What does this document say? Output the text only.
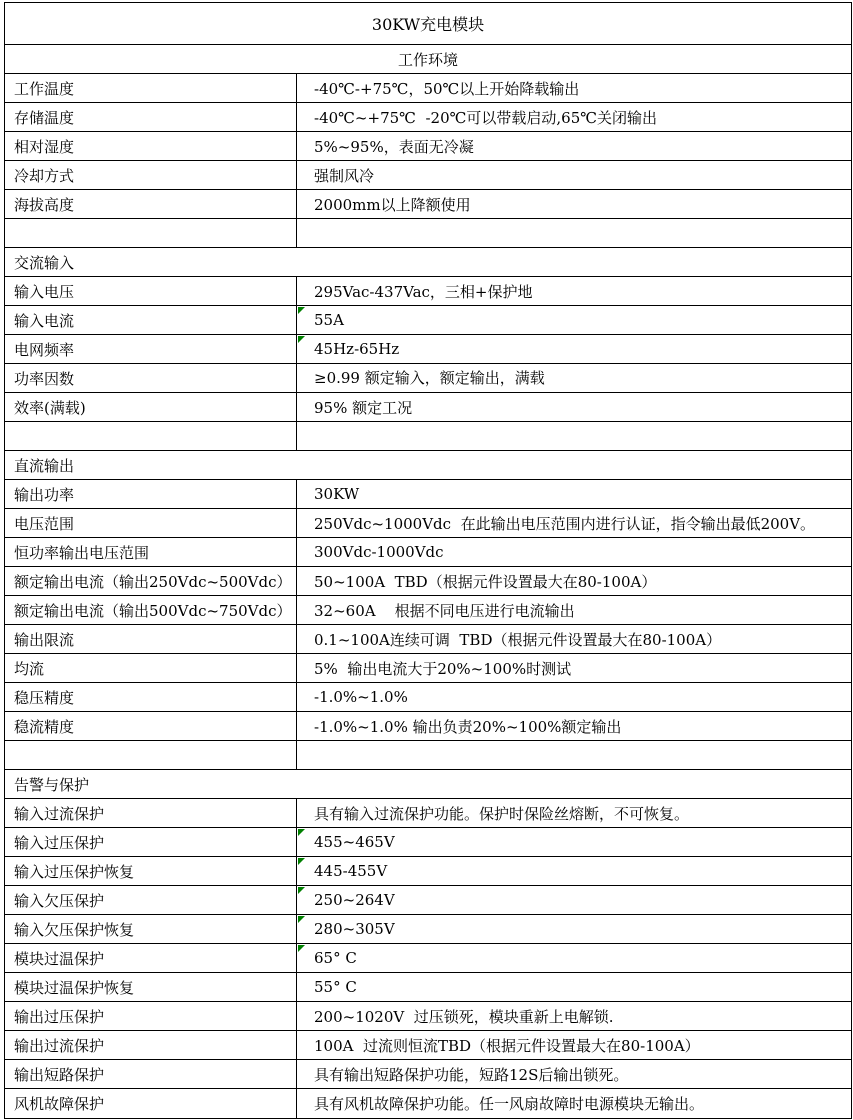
30KW充电模块
工作环境
工作温度	-40℃-+75℃，50℃以上开始降载输出
存储温度	-40℃~+75℃  -20℃可以带载启动,65℃关闭输出
相对湿度	5%~95%，表面无冷凝
冷却方式	强制风冷
海拔高度	2000mm以上降额使用
交流输入
输入电压	295Vac-437Vac，三相+保护地
输入电流	55A
电网频率	45Hz-65Hz
功率因数	≥0.99 额定输入，额定输出，满载
效率(满载)	95% 额定工况
直流输出
输出功率	30KW
电压范围	250Vdc~1000Vdc  在此输出电压范围内进行认证，指令输出最低200V。
恒功率输出电压范围	300Vdc-1000Vdc
额定输出电流（输出250Vdc~500Vdc） 50~100A  TBD（根据元件设置最大在80-100A）
额定输出电流（输出500Vdc~750Vdc） 32~60A    根据不同电压进行电流输出
输出限流	0.1~100A连续可调  TBD（根据元件设置最大在80-100A）
均流	5%  输出电流大于20%~100%时测试
稳压精度	-1.0%~1.0%
稳流精度	-1.0%~1.0% 输出负责20%~100%额定输出
告警与保护
输入过流保护	具有输入过流保护功能。保护时保险丝熔断，不可恢复。
输入过压保护	455~465V
输入过压保护恢复	445-455V
输入欠压保护	250~264V
输入欠压保护恢复	280~305V
模块过温保护	65° C
模块过温保护恢复	55° C
输出过压保护	200~1020V  过压锁死，模块重新上电解锁.
输出过流保护	100A  过流则恒流TBD（根据元件设置最大在80-100A）
输出短路保护	具有输出短路保护功能，短路12S后输出锁死。
风机故障保护	具有风机故障保护功能。任一风扇故障时电源模块无输出。
